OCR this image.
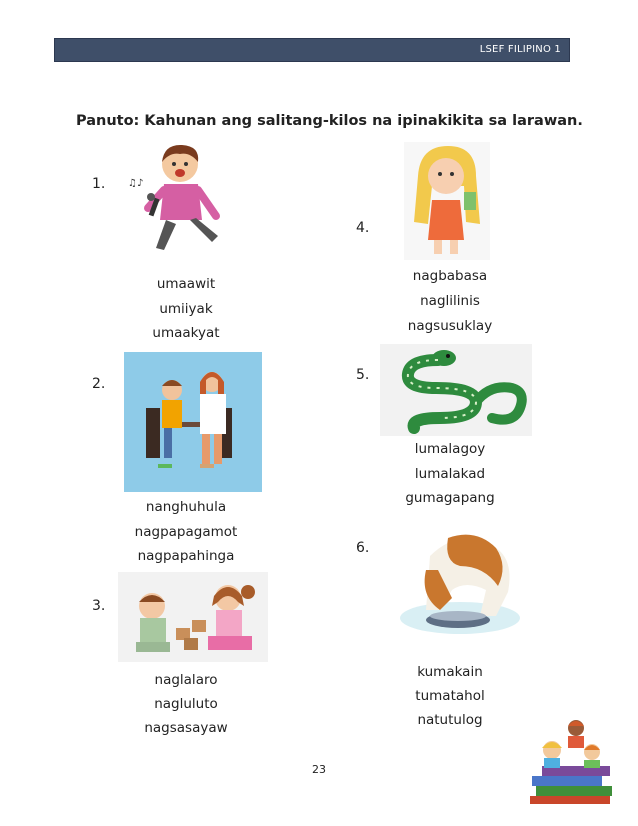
LSEF FILIPINO 1
Panuto: Kahunan ang salitang-kilos na ipinakikita sa larawan.
1. ♫♪
umaawit
umiiyak
umaakyat
2.
nanghuhula
nagpapagamot
nagpapahinga
3.
naglalaro
nagluluto
nagsasayaw
4.
nagbabasa
naglilinis
nagsusuklay
5.
lumalagoy
lumalakad
gumagapang
6.
kumakain
tumatahol
natutulog
23
